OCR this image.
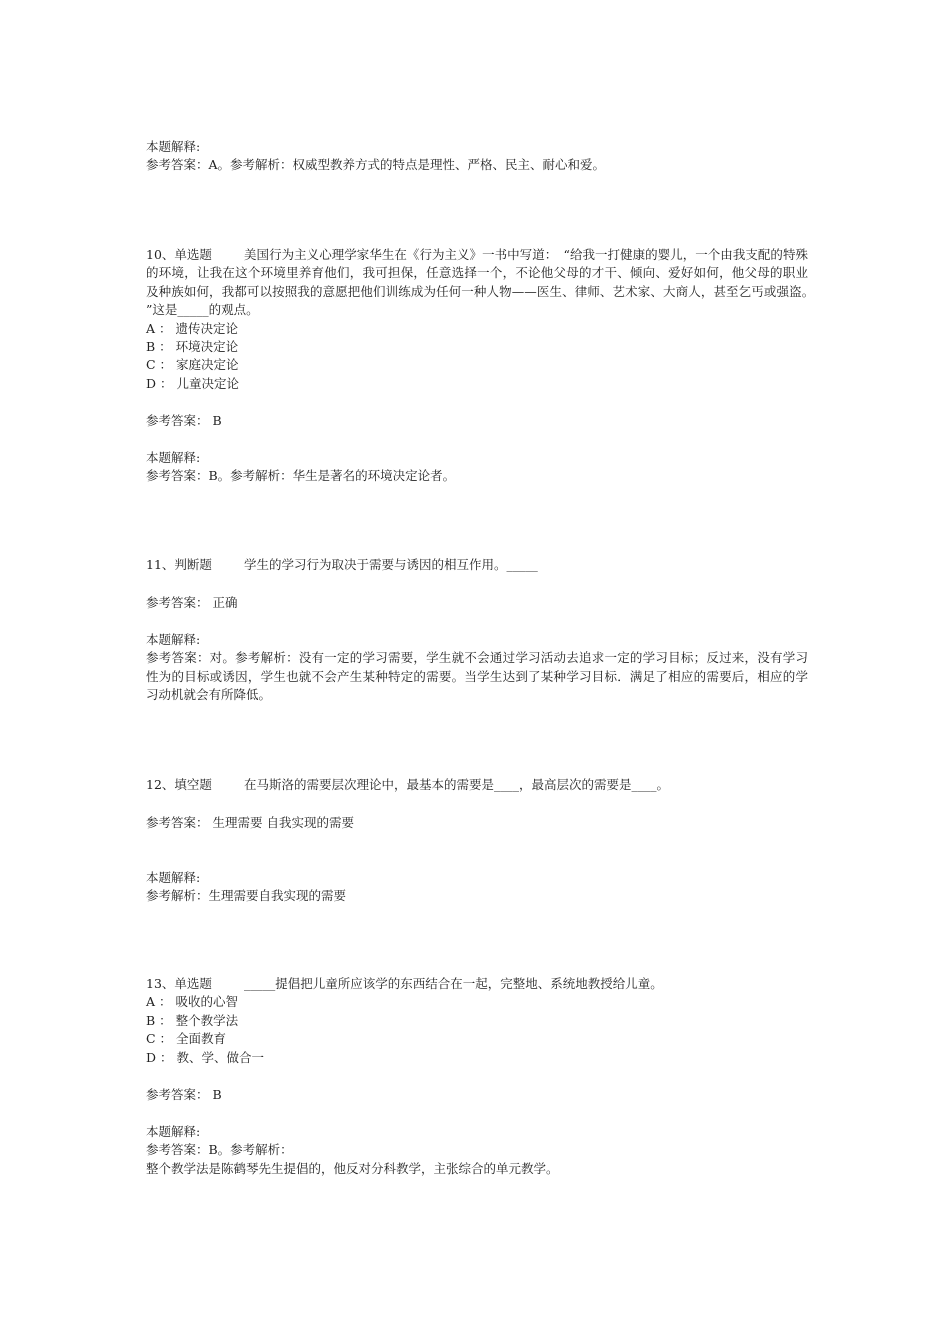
本题解释:
参考答案：A。参考解析：权威型教养方式的特点是理性、严格、民主、耐心和爱。
10、单选题	美国行为主义心理学家华生在《行为主义》一书中写道：　“给我一打健康的婴儿，一个由我支配的特殊的环境，让我在这个环境里养育他们，我可担保，任意选择一个，不论他父母的才干、倾向、爱好如何，他父母的职业及种族如何，我都可以按照我的意愿把他们训练成为任何一种人物——医生、律师、艺术家、大商人，甚至乞丐或强盗。　”这是_____的观点。
A ： 遗传决定论
B ： 环境决定论
C ： 家庭决定论
D ： 儿童决定论
参考答案： B
本题解释:
参考答案：B。参考解析：华生是著名的环境决定论者。
11、判断题	学生的学习行为取决于需要与诱因的相互作用。_____
参考答案： 正确
本题解释:
参考答案：对。参考解析：没有一定的学习需要，学生就不会通过学习活动去追求一定的学习目标；反过来，没有学习性为的目标或诱因，学生也就不会产生某种特定的需要。当学生达到了某种学习目标．满足了相应的需要后，相应的学习动机就会有所降低。
12、填空题	在马斯洛的需要层次理论中，最基本的需要是____，最高层次的需要是____。
参考答案： 生理需要 自我实现的需要
本题解释:
参考解析：生理需要自我实现的需要
13、单选题	_____提倡把儿童所应该学的东西结合在一起，完整地、系统地教授给儿童。
A ： 吸收的心智
B ： 整个教学法
C ： 全面教育
D ： 教、学、做合一
参考答案： B
本题解释:
参考答案：B。参考解析：
整个教学法是陈鹤琴先生提倡的，他反对分科教学，主张综合的单元教学。
